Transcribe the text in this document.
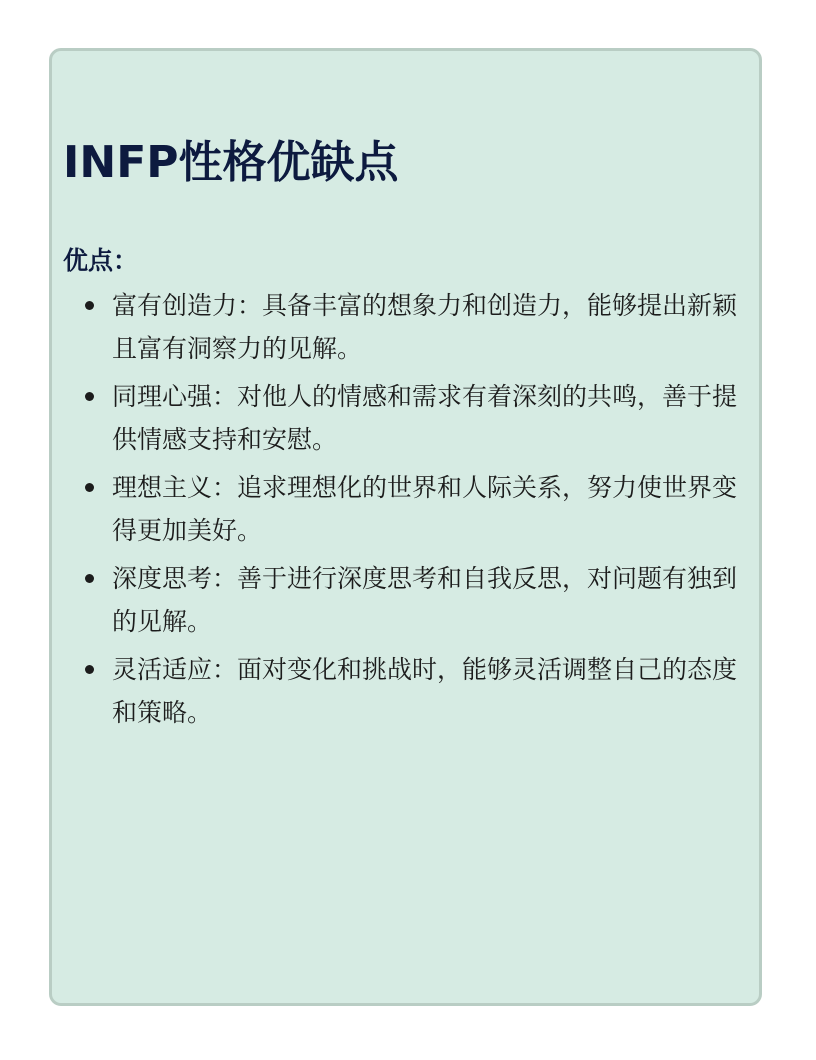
INFP性格优缺点
优点：
富有创造力：具备丰富的想象力和创造力，能够提出新颖且富有洞察力的见解。
同理心强：对他人的情感和需求有着深刻的共鸣，善于提供情感支持和安慰。
理想主义：追求理想化的世界和人际关系，努力使世界变得更加美好。
深度思考：善于进行深度思考和自我反思，对问题有独到的见解。
灵活适应：面对变化和挑战时，能够灵活调整自己的态度和策略。
